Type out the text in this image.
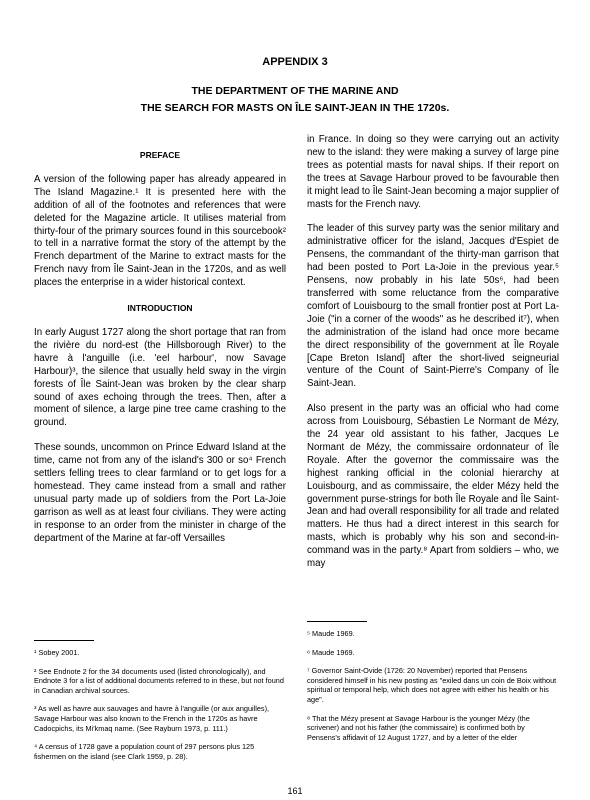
APPENDIX 3
THE DEPARTMENT OF THE MARINE AND
THE SEARCH FOR MASTS ON ÎLE SAINT-JEAN IN THE 1720s.
PREFACE

A version of the following paper has already appeared in The Island Magazine.¹ It is presented here with the addition of all of the footnotes and references that were deleted for the Magazine article. It utilises material from thirty-four of the primary sources found in this sourcebook² to tell in a narrative format the story of the attempt by the French department of the Marine to extract masts for the French navy from Île Saint-Jean in the 1720s, and as well places the enterprise in a wider historical context.

INTRODUCTION

In early August 1727 along the short portage that ran from the rivière du nord-est (the Hillsborough River) to the havre à l'anguille (i.e. 'eel harbour', now Savage Harbour)³, the silence that usually held sway in the virgin forests of Île Saint-Jean was broken by the clear sharp sound of axes echoing through the trees. Then, after a moment of silence, a large pine tree came crashing to the ground.

These sounds, uncommon on Prince Edward Island at the time, came not from any of the island's 300 or so⁴ French settlers felling trees to clear farmland or to get logs for a homestead. They came instead from a small and rather unusual party made up of soldiers from the Port La-Joie garrison as well as at least four civilians. They were acting in response to an order from the minister in charge of the department of the Marine at far-off Versailles

in France. In doing so they were carrying out an activity new to the island: they were making a survey of large pine trees as potential masts for naval ships. If their report on the trees at Savage Harbour proved to be favourable then it might lead to Île Saint-Jean becoming a major supplier of masts for the French navy.

The leader of this survey party was the senior military and administrative officer for the island, Jacques d'Espiet de Pensens, the commandant of the thirty-man garrison that had been posted to Port La-Joie in the previous year.⁵ Pensens, now probably in his late 50s⁶, had been transferred with some reluctance from the comparative comfort of Louisbourg to the small frontier post at Port La-Joie ("in a corner of the woods" as he described it⁷), when the administration of the island had once more became the direct responsibility of the government at Île Royale [Cape Breton Island] after the short-lived seigneurial venture of the Count of Saint-Pierre's Company of Île Saint-Jean.

Also present in the party was an official who had come across from Louisbourg, Sébastien Le Normant de Mézy, the 24 year old assistant to his father, Jacques Le Normant de Mézy, the commissaire ordonnateur of Île Royale. After the governor the commissaire was the highest ranking official in the colonial hierarchy at Louisbourg, and as commissaire, the elder Mézy held the government purse-strings for both Île Royale and Île Saint-Jean and had overall responsibility for all trade and related matters. He thus had a direct interest in this search for masts, which is probably why his son and second-in-command was in the party.⁸ Apart from soldiers – who, we may

¹ Sobey 2001.
² See Endnote 2 for the 34 documents used (listed chronologically), and Endnote 3 for a list of additional documents referred to in these, but not found in Canadian archival sources.
³ As well as havre aux sauvages and havre à l'anguille (or aux anguilles), Savage Harbour was also known to the French in the 1720s as havre Cadocpichs, its Mi'kmaq name. (See Rayburn 1973, p. 111.)
⁴ A census of 1728 gave a population count of 297 persons plus 125 fishermen on the island (see Clark 1959, p. 28).
⁵ Maude 1969.
⁶ Maude 1969.
⁷ Governor Saint-Ovide (1726: 20 November) reported that Pensens considered himself in his new posting as "exiled dans un coin de Boix without spiritual or temporal help, which does not agree with either his health or his age".
⁸ That the Mézy present at Savage Harbour is the younger Mézy (the scrivener) and not his father (the commissaire) is confirmed both by Pensens's affidavit of 12 August 1727, and by a letter of the elder
161
